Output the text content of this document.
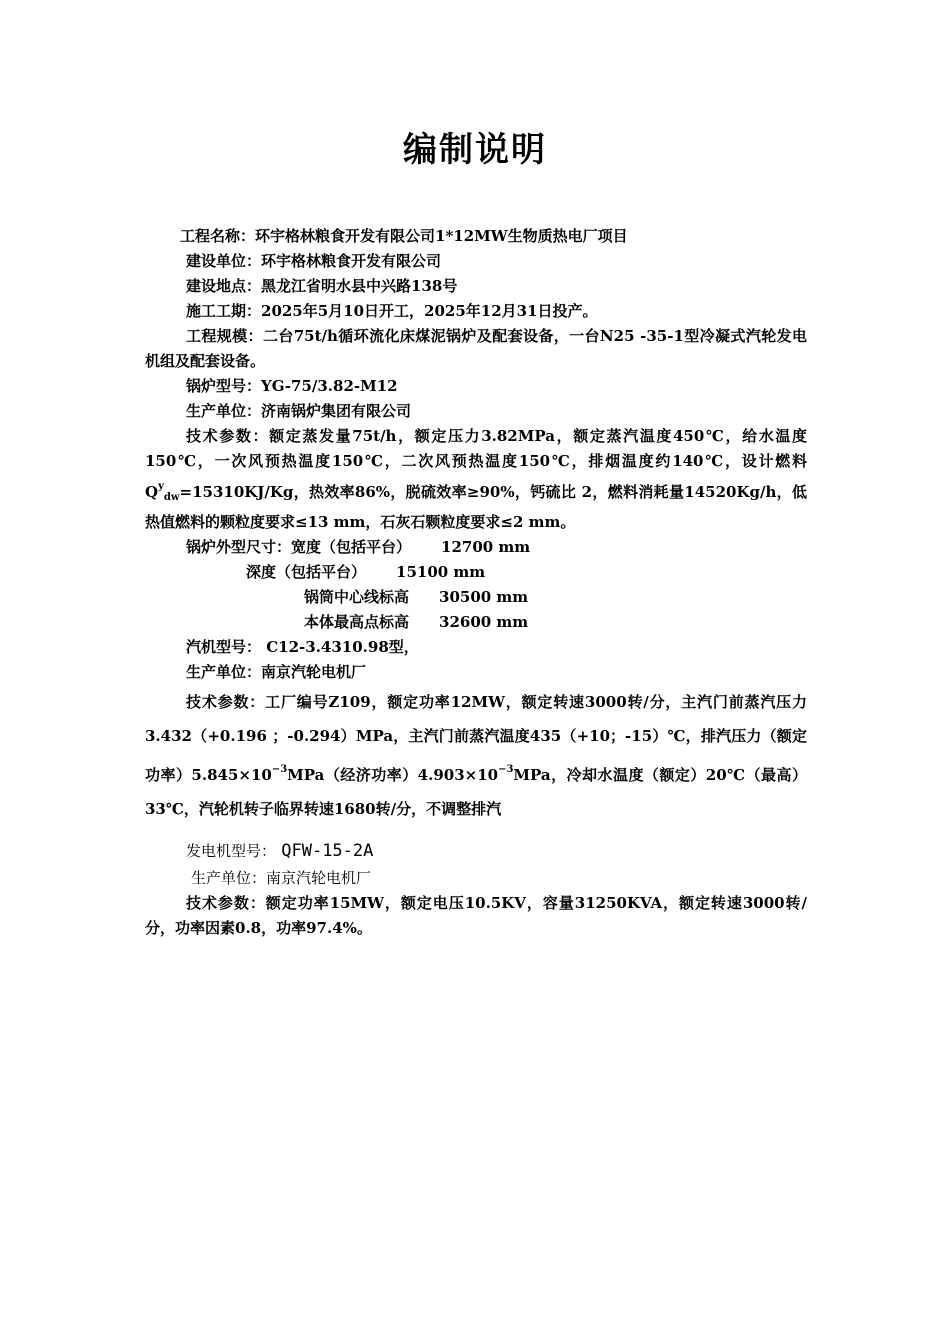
编制说明

工程名称：环宇格林粮食开发有限公司1*12MW生物质热电厂项目

建设单位：环宇格林粮食开发有限公司

建设地点：黑龙江省明水县中兴路138号

施工工期：2025年5月10日开工，2025年12月31日投产。

工程规模：二台75t/h循环流化床煤泥锅炉及配套设备，一台N25 -35-1型冷凝式汽轮发电机组及配套设备。

锅炉型号：YG-75/3.82-M12

生产单位：济南锅炉集团有限公司

技术参数：额定蒸发量75t/h，额定压力3.82MPa，额定蒸汽温度450℃，给水温度150℃，一次风预热温度150℃，二次风预热温度150℃，排烟温度约140℃，设计燃料$Q^y_{dw}=15310KJ/Kg$，热效率86%，脱硫效率≥90%，钙硫比 2，燃料消耗量14520Kg/h，低热值燃料的颗粒度要求≤13 mm，石灰石颗粒度要求≤2 mm。

锅炉外型尺寸：宽度（包括平台） 12700 mm

深度（包括平台） 15100 mm

锅筒中心线标高 30500 mm

本体最高点标高 32600 mm

汽机型号： C12-3.4310.98型，

生产单位：南京汽轮电机厂

技术参数：工厂编号Z109，额定功率12MW，额定转速3000转/分，主汽门前蒸汽压力3.432（+0.196 ；-0.294）MPa，主汽门前蒸汽温度435（+10；-15）℃，排汽压力（额定功率）$5.845\times 10^{-3}MPa$（经济功率）$4.903\times 10^{-3}MPa$，冷却水温度（额定）20℃（最高）33℃，汽轮机转子临界转速1680转/分，不调整排汽

发电机型号： QFW-15-2A

生产单位：南京汽轮电机厂

技术参数：额定功率15MW，额定电压10.5KV，容量31250KVA，额定转速3000转/分，功率因素0.8，功率97.4%。
